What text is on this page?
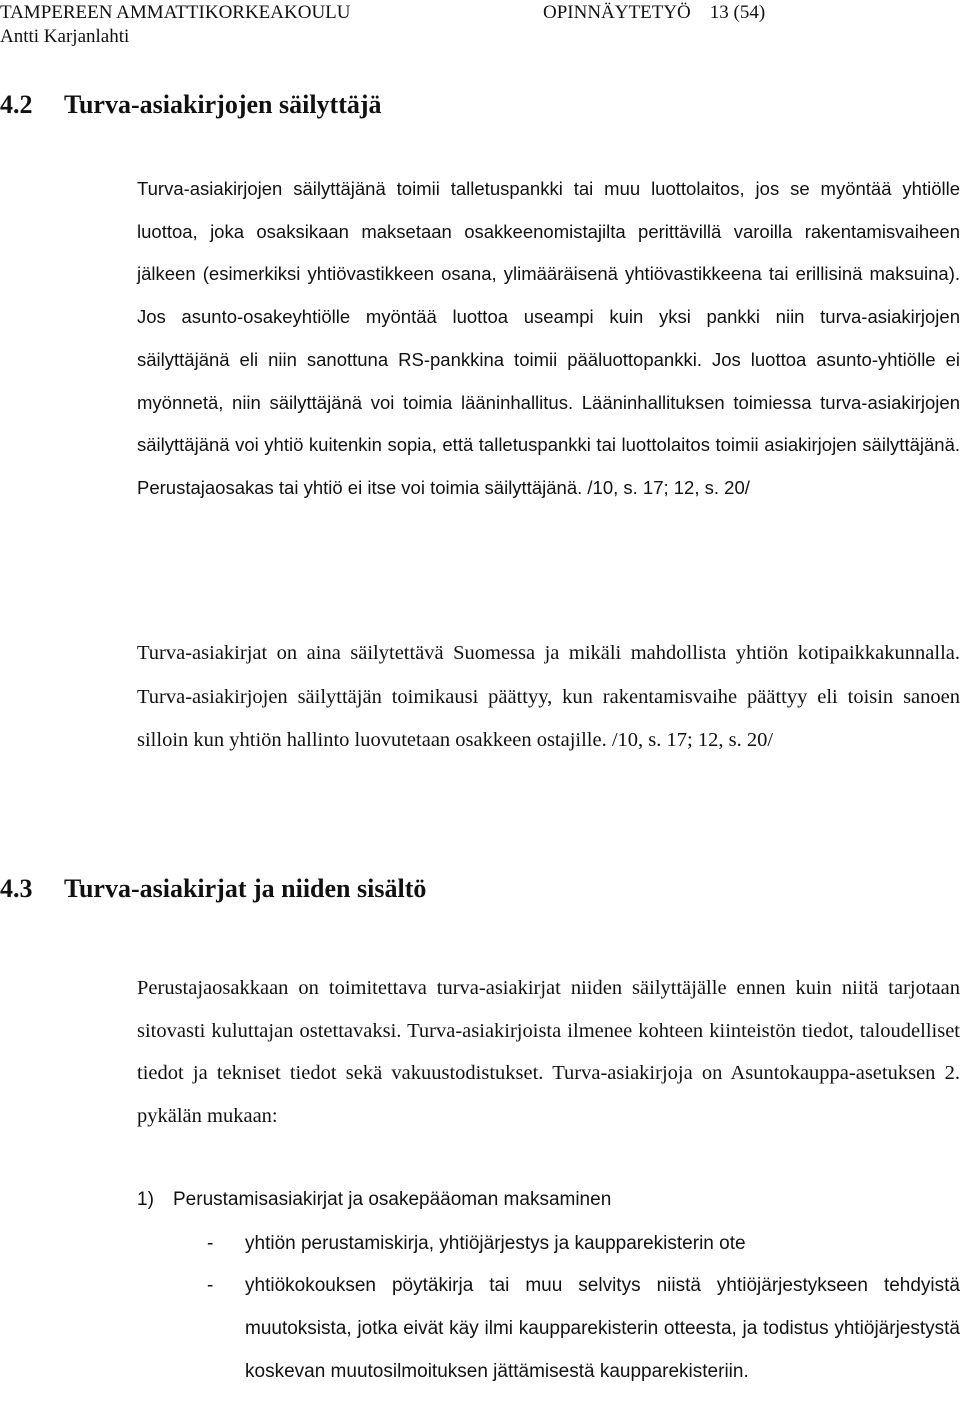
TAMPEREEN AMMATTIKORKEAKOULU	OPINNÄYTETYÖ 13 (54)
Antti Karjanlahti
4.2 Turva-asiakirjojen säilyttäjä
Turva-asiakirjojen säilyttäjänä toimii talletuspankki tai muu luottolaitos, jos se myöntää yhtiölle luottoa, joka osaksikaan maksetaan osakkeenomistajilta perittävillä varoilla rakentamisvaiheen jälkeen (esimerkiksi yhtiövastikkeen osana, ylimääräisenä yhtiövastikkeena tai erillisinä maksuina). Jos asunto-osakeyhtiölle myöntää luottoa useampi kuin yksi pankki niin turva-asiakirjojen säilyttäjänä eli niin sanottuna RS-pankkina toimii pääluottopankki. Jos luottoa asunto-yhtiölle ei myönnetä, niin säilyttäjänä voi toimia lääninhallitus. Lääninhallituksen toimiessa turva-asiakirjojen säilyttäjänä voi yhtiö kuitenkin sopia, että talletuspankki tai luottolaitos toimii asiakirjojen säilyttäjänä. Perustajaosakas tai yhtiö ei itse voi toimia säilyttäjänä. /10, s. 17; 12, s. 20/
Turva-asiakirjat on aina säilytettävä Suomessa ja mikäli mahdollista yhtiön kotipaikkakunnalla. Turva-asiakirjojen säilyttäjän toimikausi päättyy, kun rakentamisvaihe päättyy eli toisin sanoen silloin kun yhtiön hallinto luovutetaan osakkeen ostajille. /10, s. 17; 12, s. 20/
4.3 Turva-asiakirjat ja niiden sisältö
Perustajaosakkaan on toimitettava turva-asiakirjat niiden säilyttäjälle ennen kuin niitä tarjotaan sitovasti kuluttajan ostettavaksi. Turva-asiakirjoista ilmenee kohteen kiinteistön tiedot, taloudelliset tiedot ja tekniset tiedot sekä vakuustodistukset. Turva-asiakirjoja on Asuntokauppa-asetuksen 2. pykälän mukaan:
1) Perustamisasiakirjat ja osakepääoman maksaminen
- yhtiön perustamiskirja, yhtiöjärjestys ja kaupparekisterin ote
- yhtiökokouksen pöytäkirja tai muu selvitys niistä yhtiöjärjestykseen tehdyistä muutoksista, jotka eivät käy ilmi kaupparekisterin otteesta, ja todistus yhtiöjärjestystä koskevan muutosilmoituksen jättämisestä kaupparekisteriin.
